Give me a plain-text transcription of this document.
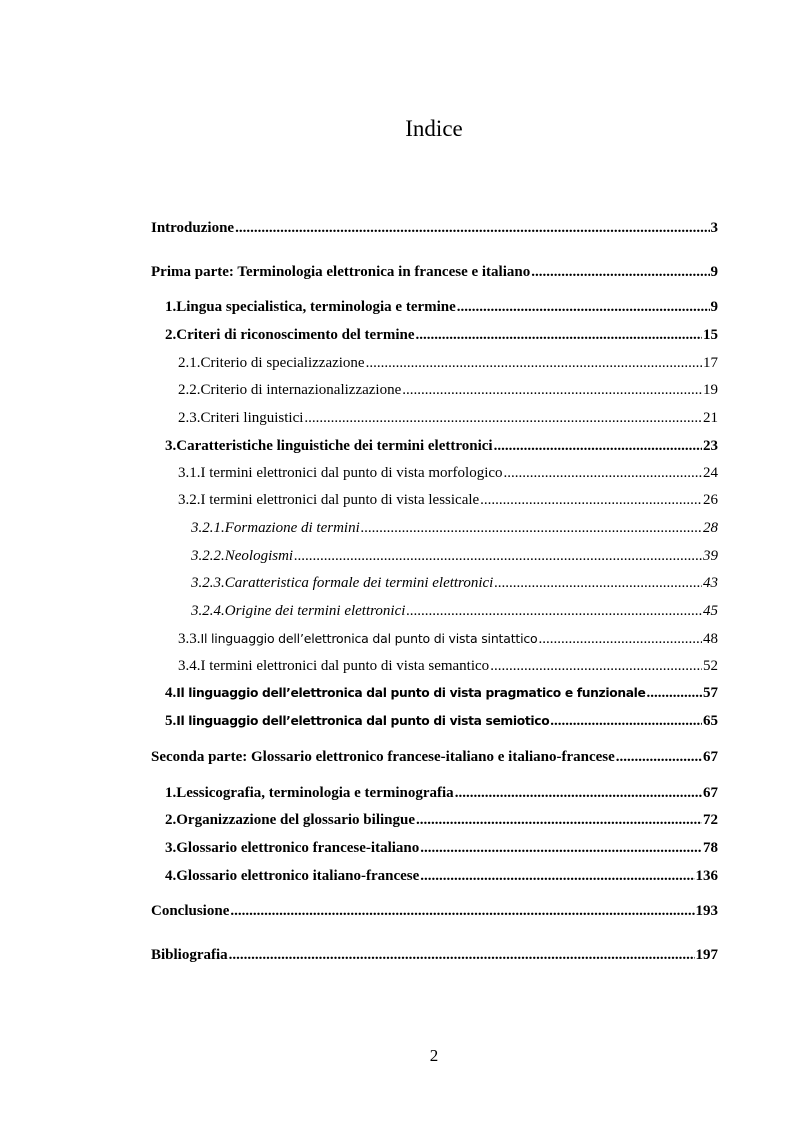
Indice
Introduzione .....	3
Prima parte: Terminologia elettronica in francese e italiano .....	9
1. Lingua specialistica, terminologia e termine .....	9
2. Criteri di riconoscimento del termine .....	15
2.1. Criterio di specializzazione .....	17
2.2. Criterio di internazionalizzazione .....	19
2.3. Criteri linguistici .....	21
3. Caratteristiche linguistiche dei termini elettronici .....	23
3.1. I termini elettronici dal punto di vista morfologico .....	24
3.2. I termini elettronici dal punto di vista lessicale .....	26
3.2.1. Formazione di termini .....	28
3.2.2. Neologismi .....	39
3.2.3. Caratteristica formale dei termini elettronici .....	43
3.2.4. Origine dei termini elettronici .....	45
3.3. Il linguaggio dell’elettronica dal punto di vista sintattico .....	48
3.4. I termini elettronici dal punto di vista semantico .....	52
4. Il linguaggio dell’elettronica dal punto di vista pragmatico e funzionale .....	57
5. Il linguaggio dell’elettronica dal punto di vista semiotico .....	65
Seconda parte: Glossario elettronico francese-italiano e italiano-francese .....	67
1. Lessicografia, terminologia e terminografia .....	67
2. Organizzazione del glossario bilingue .....	72
3. Glossario elettronico francese-italiano .....	78
4. Glossario elettronico italiano-francese .....	136
Conclusione .....	193
Bibliografia .....	197
2
